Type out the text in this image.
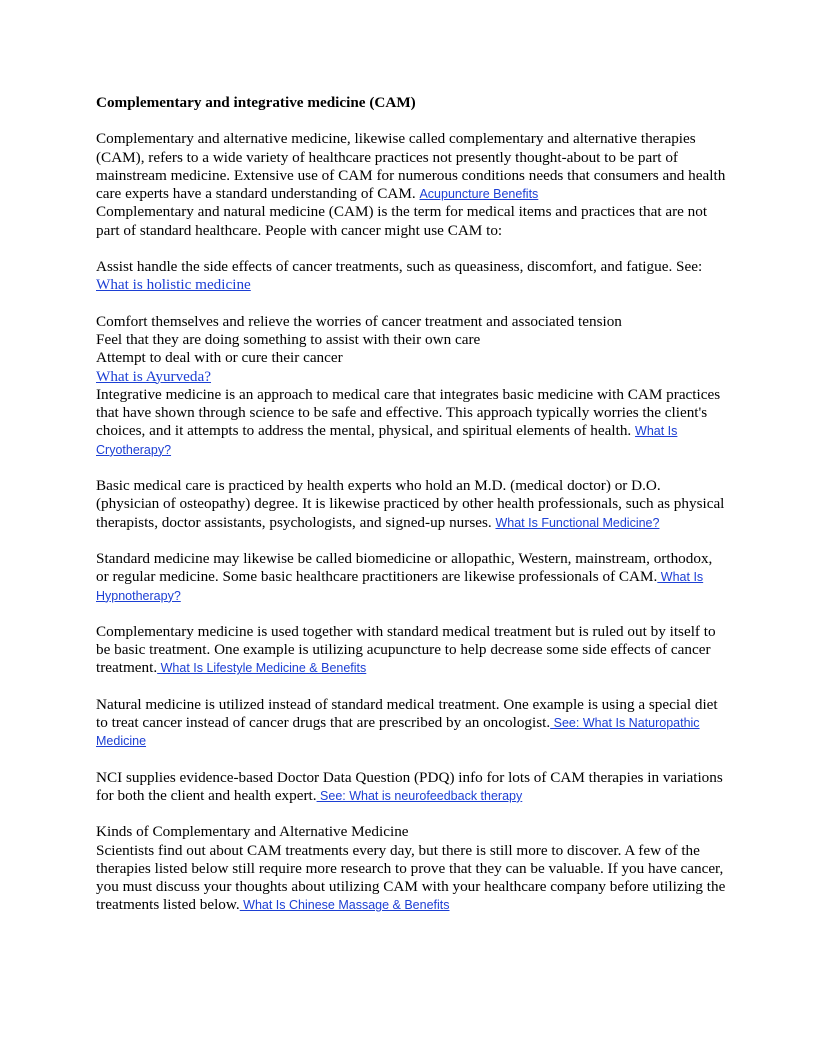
Complementary and integrative medicine (CAM)

Complementary and alternative medicine, likewise called complementary and alternative therapies (CAM), refers to a wide variety of healthcare practices not presently thought-about to be part of mainstream medicine. Extensive use of CAM for numerous conditions needs that consumers and health care experts have a standard understanding of CAM. Acupuncture Benefits

Complementary and natural medicine (CAM) is the term for medical items and practices that are not part of standard healthcare. People with cancer might use CAM to:

Assist handle the side effects of cancer treatments, such as queasiness, discomfort, and fatigue. See: What is holistic medicine

Comfort themselves and relieve the worries of cancer treatment and associated tension
Feel that they are doing something to assist with their own care
Attempt to deal with or cure their cancer
What is Ayurveda?

Integrative medicine is an approach to medical care that integrates basic medicine with CAM practices that have shown through science to be safe and effective. This approach typically worries the client's choices, and it attempts to address the mental, physical, and spiritual elements of health. What Is Cryotherapy?

Basic medical care is practiced by health experts who hold an M.D. (medical doctor) or D.O. (physician of osteopathy) degree. It is likewise practiced by other health professionals, such as physical therapists, doctor assistants, psychologists, and signed-up nurses. What Is Functional Medicine?

Standard medicine may likewise be called biomedicine or allopathic, Western, mainstream, orthodox, or regular medicine. Some basic healthcare practitioners are likewise professionals of CAM. What Is Hypnotherapy?

Complementary medicine is used together with standard medical treatment but is ruled out by itself to be basic treatment. One example is utilizing acupuncture to help decrease some side effects of cancer treatment. What Is Lifestyle Medicine & Benefits

Natural medicine is utilized instead of standard medical treatment. One example is using a special diet to treat cancer instead of cancer drugs that are prescribed by an oncologist. See: What Is Naturopathic Medicine

NCI supplies evidence-based Doctor Data Question (PDQ) info for lots of CAM therapies in variations for both the client and health expert. See: What is neurofeedback therapy

Kinds of Complementary and Alternative Medicine

Scientists find out about CAM treatments every day, but there is still more to discover. A few of the therapies listed below still require more research to prove that they can be valuable. If you have cancer, you must discuss your thoughts about utilizing CAM with your healthcare company before utilizing the treatments listed below. What Is Chinese Massage & Benefits
